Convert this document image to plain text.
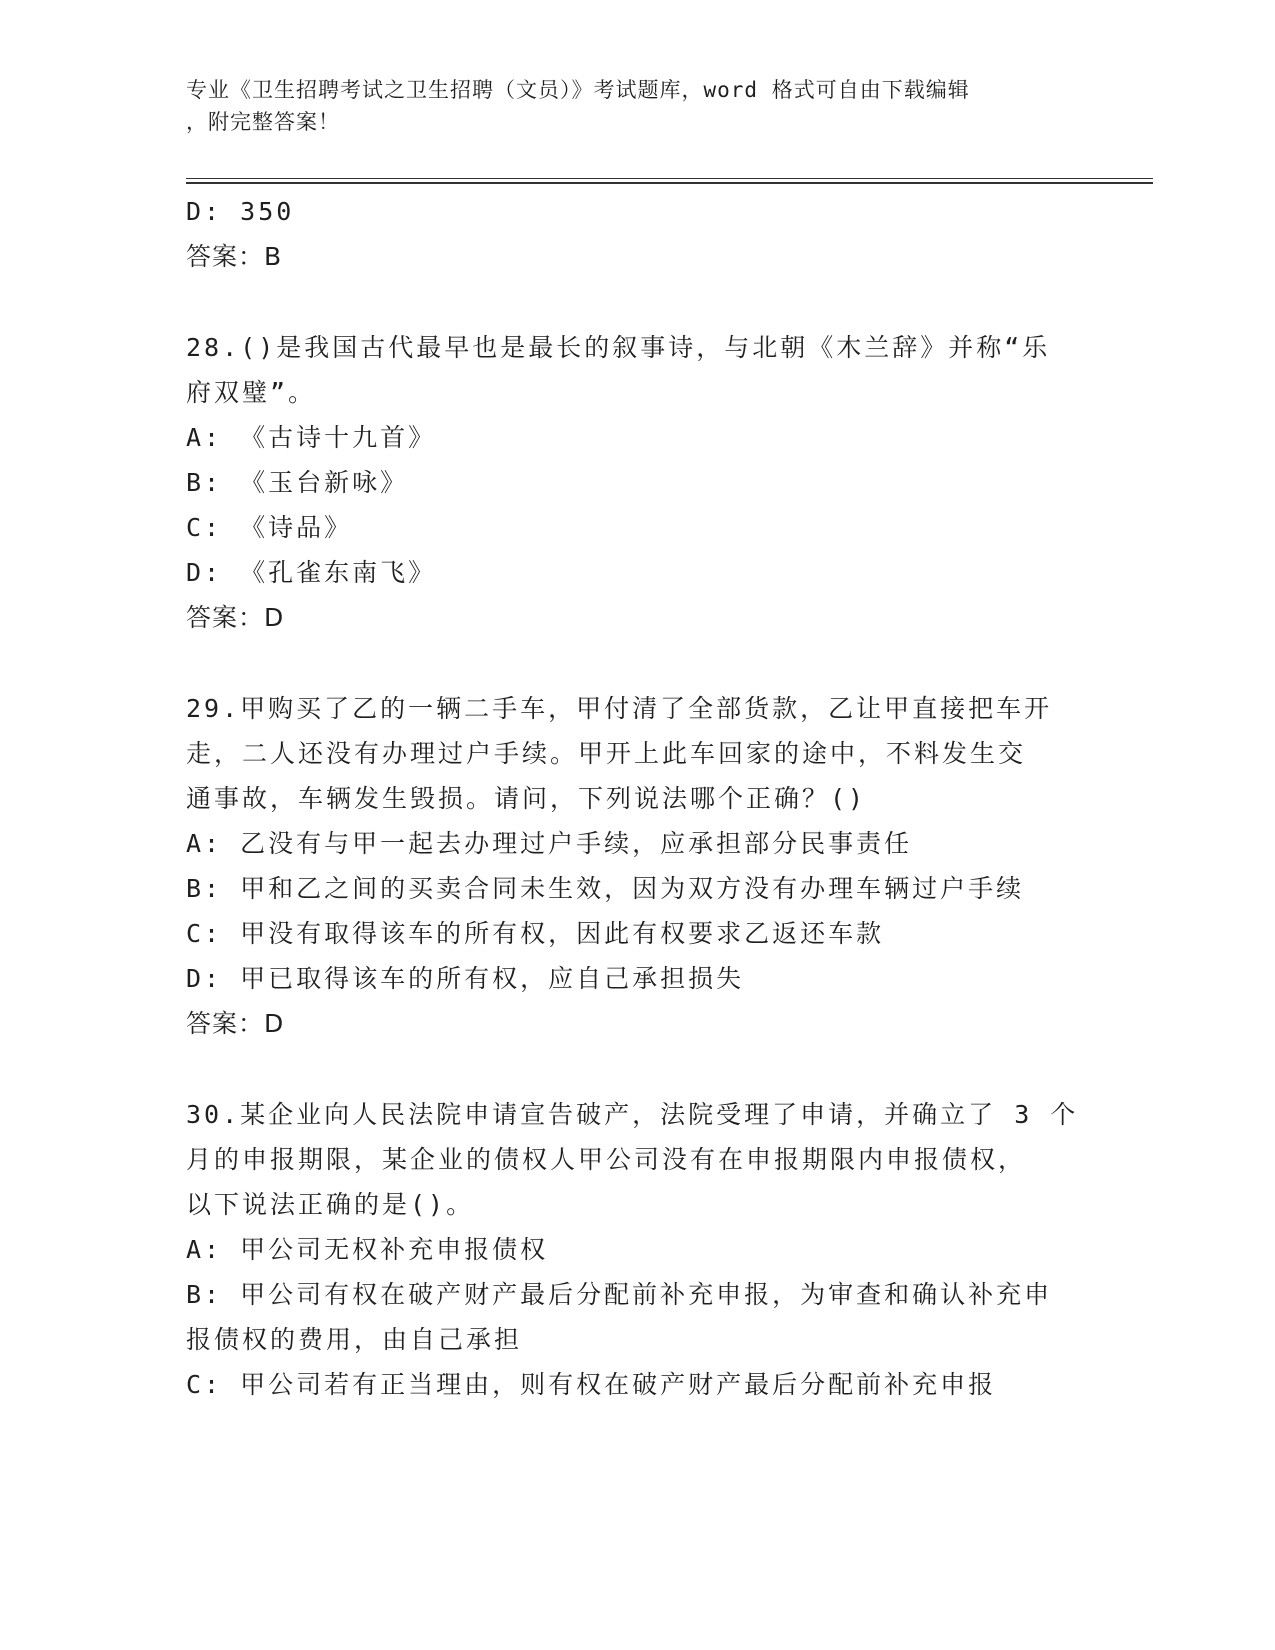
专业《卫生招聘考试之卫生招聘（文员）》考试题库，word 格式可自由下载编辑
，附完整答案！
D: 350
答案：B
28.()是我国古代最早也是最长的叙事诗，与北朝《木兰辞》并称“乐
府双璧”。
A: 《古诗十九首》
B: 《玉台新咏》
C: 《诗品》
D: 《孔雀东南飞》
答案：D
29.甲购买了乙的一辆二手车，甲付清了全部货款，乙让甲直接把车开
走，二人还没有办理过户手续。甲开上此车回家的途中，不料发生交
通事故，车辆发生毁损。请问，下列说法哪个正确？()
A: 乙没有与甲一起去办理过户手续，应承担部分民事责任
B: 甲和乙之间的买卖合同未生效，因为双方没有办理车辆过户手续
C: 甲没有取得该车的所有权，因此有权要求乙返还车款
D: 甲已取得该车的所有权，应自己承担损失
答案：D
30.某企业向人民法院申请宣告破产，法院受理了申请，并确立了 3 个
月的申报期限，某企业的债权人甲公司没有在申报期限内申报债权，
以下说法正确的是()。
A: 甲公司无权补充申报债权
B: 甲公司有权在破产财产最后分配前补充申报，为审查和确认补充申
报债权的费用，由自己承担
C: 甲公司若有正当理由，则有权在破产财产最后分配前补充申报
